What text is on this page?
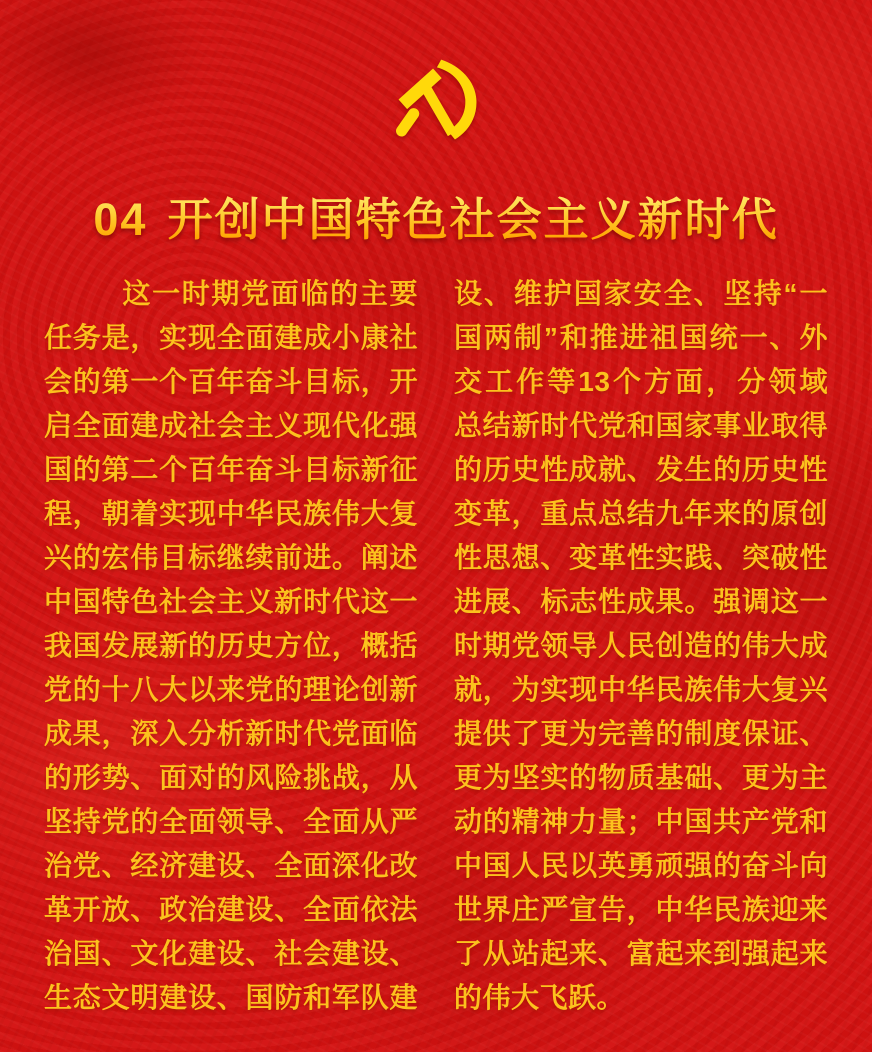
04 开创中国特色社会主义新时代
这一时期党面临的主要任务是，实现全面建成小康社会的第一个百年奋斗目标，开启全面建成社会主义现代化强国的第二个百年奋斗目标新征程，朝着实现中华民族伟大复兴的宏伟目标继续前进。阐述中国特色社会主义新时代这一我国发展新的历史方位，概括党的十八大以来党的理论创新成果，深入分析新时代党面临的形势、面对的风险挑战，从坚持党的全面领导、全面从严治党、经济建设、全面深化改革开放、政治建设、全面依法治国、文化建设、社会建设、生态文明建设、国防和军队建设、维护国家安全、坚持“一国两制”和推进祖国统一、外交工作等13个方面，分领域总结新时代党和国家事业取得的历史性成就、发生的历史性变革，重点总结九年来的原创性思想、变革性实践、突破性进展、标志性成果。强调这一时期党领导人民创造的伟大成就，为实现中华民族伟大复兴提供了更为完善的制度保证、更为坚实的物质基础、更为主动的精神力量；中国共产党和中国人民以英勇顽强的奋斗向世界庄严宣告，中华民族迎来了从站起来、富起来到强起来的伟大飞跃。
